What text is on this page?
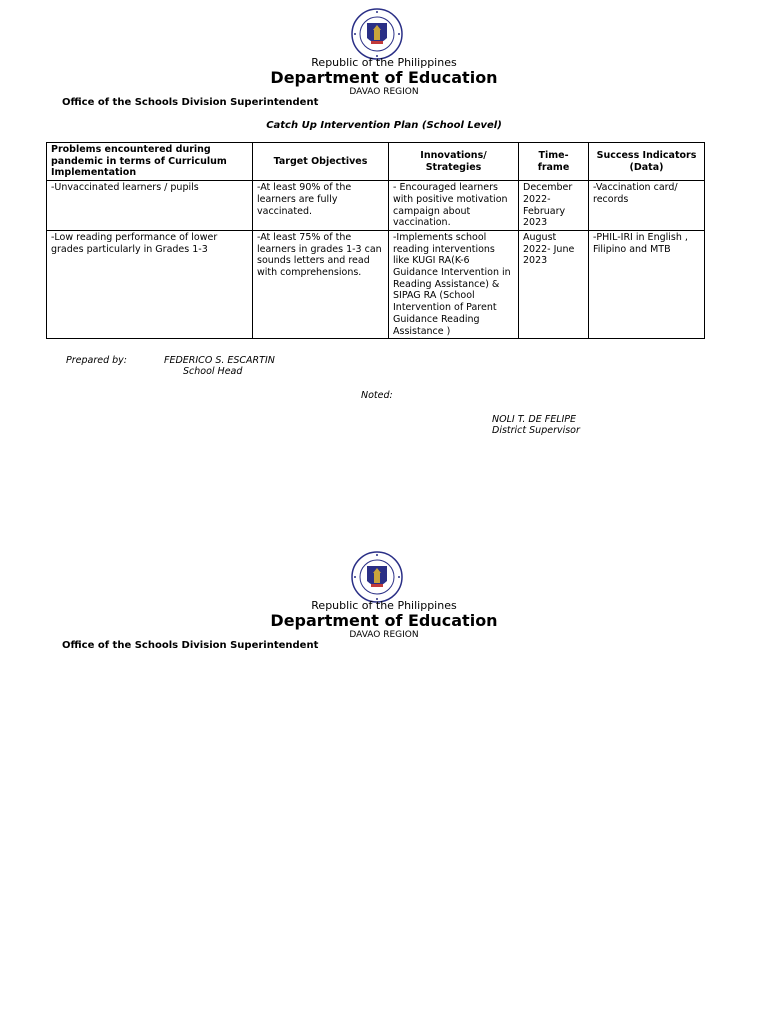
Republic of the Philippines
Department of Education
DAVAO REGION
Office of the Schools Division Superintendent
Catch Up Intervention Plan (School Level)
Problems encountered during pandemic in terms of Curriculum Implementation	Target Objectives	Innovations/ Strategies	Time-frame	Success Indicators (Data)
-Unvaccinated learners / pupils	-At least 90% of the learners are fully vaccinated.	- Encouraged learners with positive motivation campaign about vaccination.	December 2022-February 2023	-Vaccination card/ records
-Low reading performance of lower grades particularly in Grades 1-3	-At least 75% of the learners in grades 1-3 can sounds letters and read with comprehensions.	-Implements school reading interventions like KUGI RA(K-6 Guidance Intervention in Reading Assistance) & SIPAG RA (School Intervention of Parent Guidance Reading Assistance )	August 2022- June 2023	-PHIL-IRI in English , Filipino and MTB
Prepared by:	FEDERICO S. ESCARTIN
School Head
Noted:
NOLI T. DE FELIPE
District Supervisor
Republic of the Philippines
Department of Education
DAVAO REGION
Office of the Schools Division Superintendent
